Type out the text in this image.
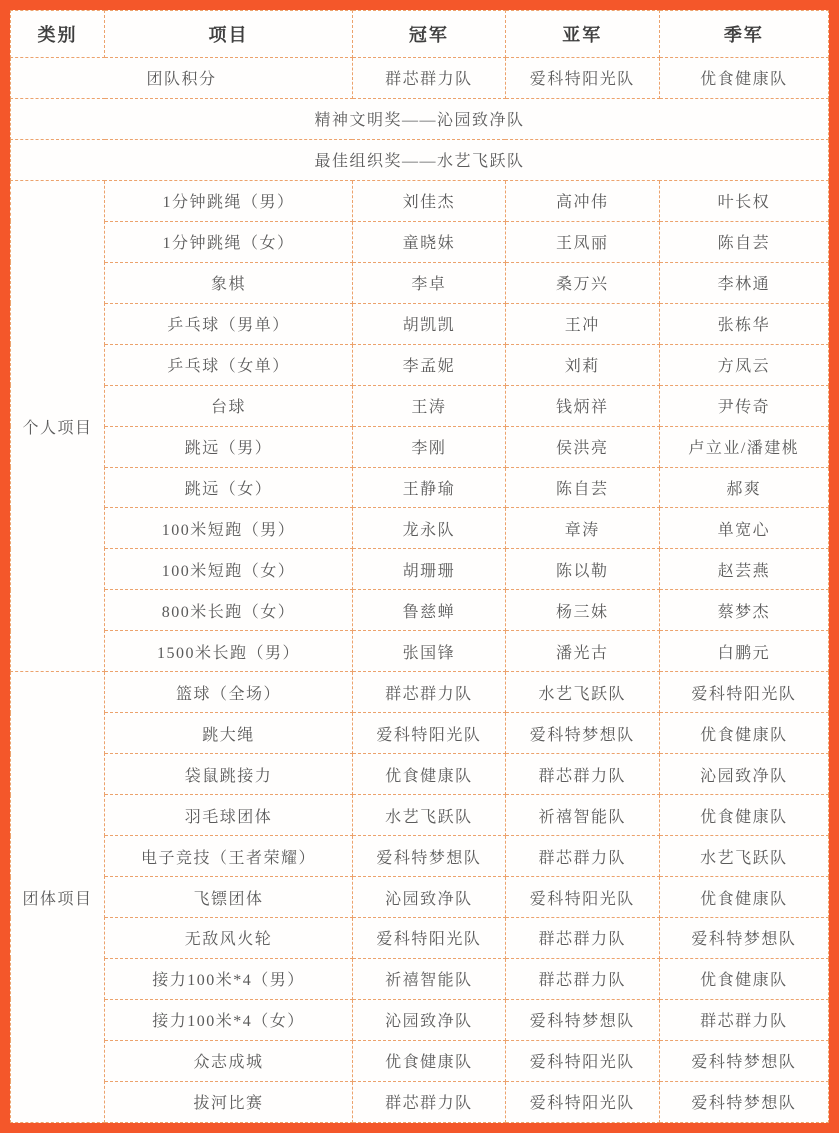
类别	项目	冠军	亚军	季军
团队积分		群芯群力队	爱科特阳光队	优食健康队
精神文明奖——沁园致净队				
最佳组织奖——水艺飞跃队				
个人项目	1分钟跳绳（男）	刘佳杰	高冲伟	叶长权
	1分钟跳绳（女）	童晓妹	王凤丽	陈自芸
	象棋	李卓	桑万兴	李林通
	乒乓球（男单）	胡凯凯	王冲	张栋华
	乒乓球（女单）	李孟妮	刘莉	方凤云
	台球	王涛	钱炳祥	尹传奇
	跳远（男）	李刚	侯洪亮	卢立业/潘建桃
	跳远（女）	王静瑜	陈自芸	郝爽
	100米短跑（男）	龙永队	章涛	单宽心
	100米短跑（女）	胡珊珊	陈以勒	赵芸燕
	800米长跑（女）	鲁慈蝉	杨三妹	蔡梦杰
	1500米长跑（男）	张国锋	潘光古	白鹏元
团体项目	篮球（全场）	群芯群力队	水艺飞跃队	爱科特阳光队
	跳大绳	爱科特阳光队	爱科特梦想队	优食健康队
	袋鼠跳接力	优食健康队	群芯群力队	沁园致净队
	羽毛球团体	水艺飞跃队	祈禧智能队	优食健康队
	电子竞技（王者荣耀）	爱科特梦想队	群芯群力队	水艺飞跃队
	飞镖团体	沁园致净队	爱科特阳光队	优食健康队
	无敌风火轮	爱科特阳光队	群芯群力队	爱科特梦想队
	接力100米*4（男）	祈禧智能队	群芯群力队	优食健康队
	接力100米*4（女）	沁园致净队	爱科特梦想队	群芯群力队
	众志成城	优食健康队	爱科特阳光队	爱科特梦想队
	拔河比赛	群芯群力队	爱科特阳光队	爱科特梦想队
